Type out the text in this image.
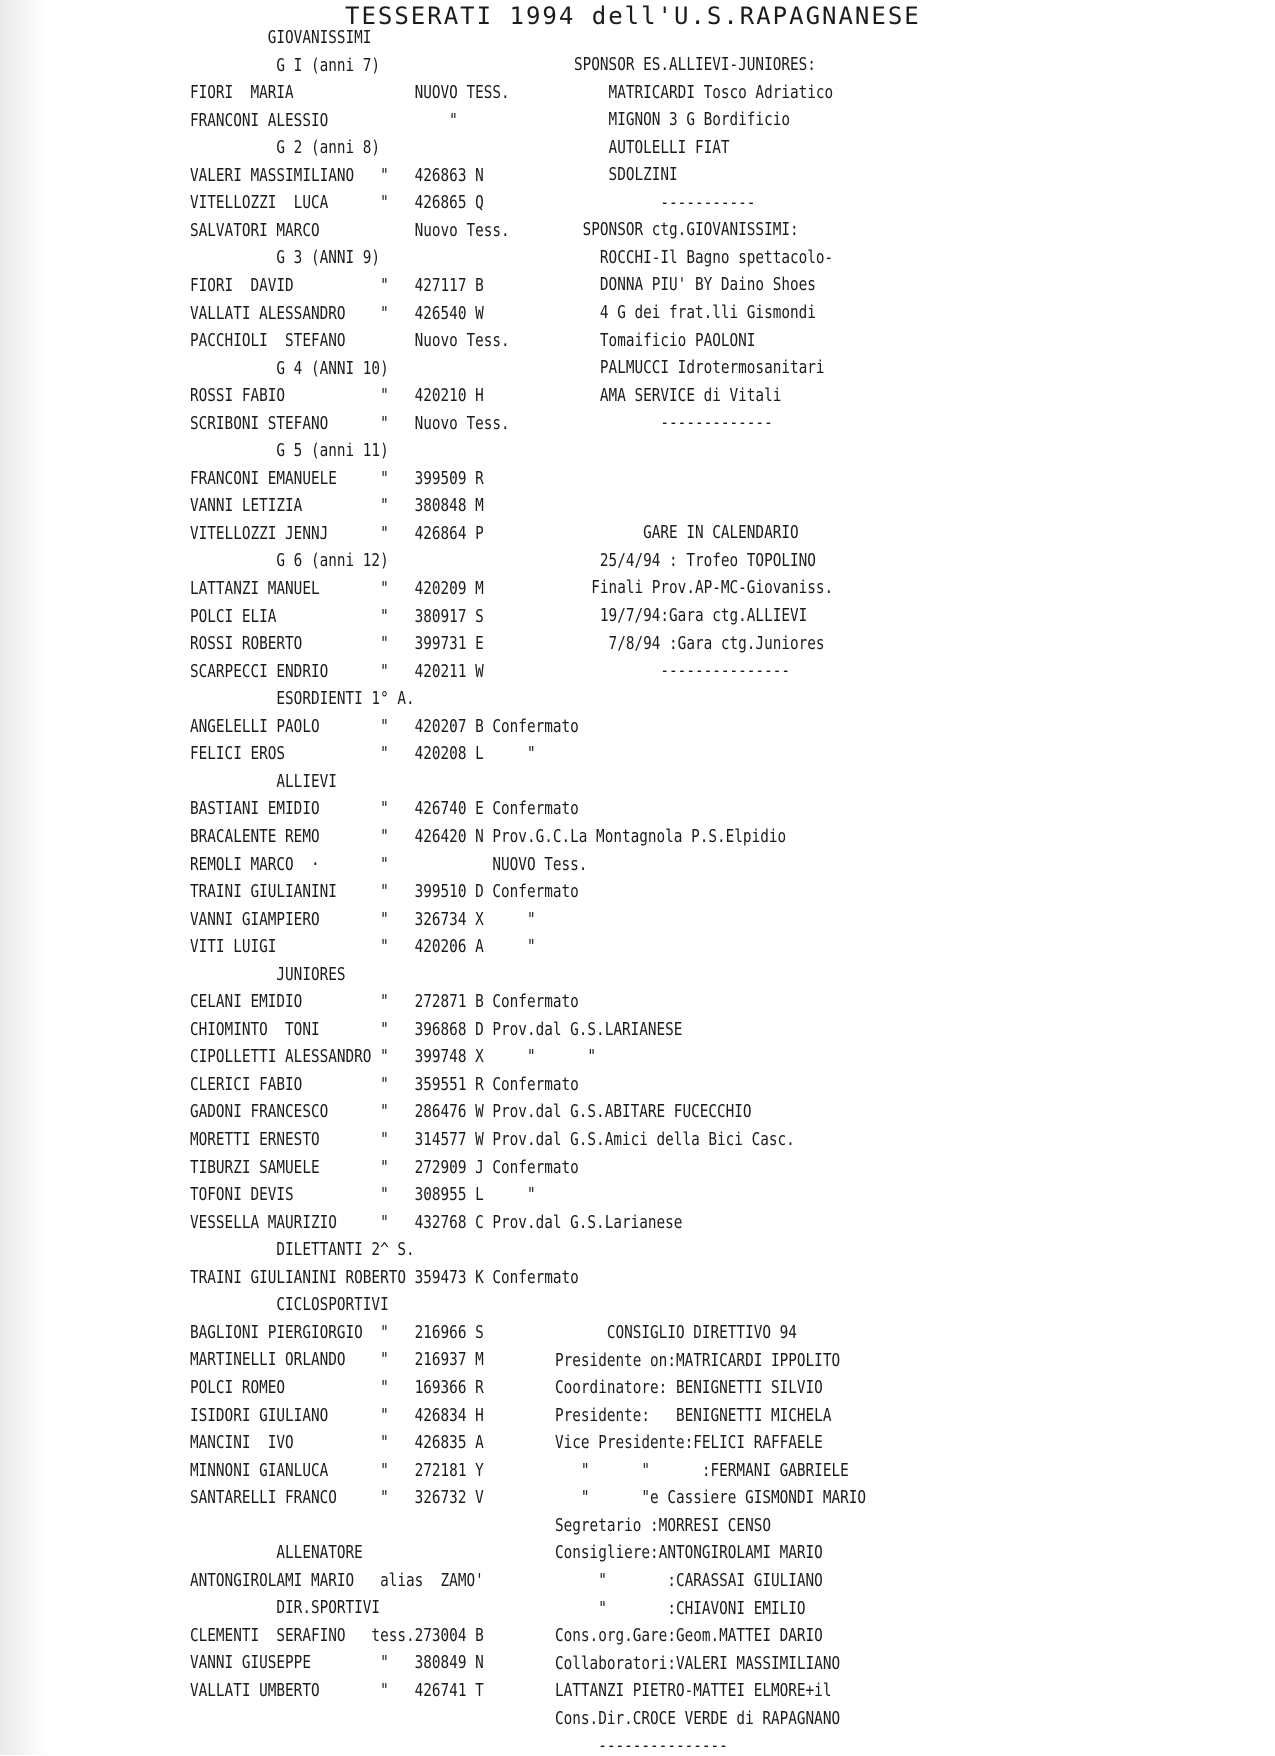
TESSERATI 1994 dell'U.S.RAPAGNANESE
GIOVANISSIMI
G I (anni 7)
FIORI  MARIA              NUOVO TESS.
FRANCONI ALESSIO              "
G 2 (anni 8)
VALERI MASSIMILIANO   "   426863 N
VITELLOZZI  LUCA      "   426865 Q
SALVATORI MARCO           Nuovo Tess.
G 3 (ANNI 9)
FIORI  DAVID          "   427117 B
VALLATI ALESSANDRO    "   426540 W
PACCHIOLI  STEFANO        Nuovo Tess.
G 4 (ANNI 10)
ROSSI FABIO           "   420210 H
SCRIBONI STEFANO      "   Nuovo Tess.
G 5 (anni 11)
FRANCONI EMANUELE     "   399509 R
VANNI LETIZIA         "   380848 M
VITELLOZZI JENNJ      "   426864 P
G 6 (anni 12)
LATTANZI MANUEL       "   420209 M
POLCI ELIA            "   380917 S
ROSSI ROBERTO         "   399731 E
SCARPECCI ENDRIO      "   420211 W
ESORDIENTI 1° A.
ANGELELLI PAOLO       "   420207 B Confermato
FELICI EROS           "   420208 L     "
ALLIEVI
BASTIANI EMIDIO       "   426740 E Confermato
BRACALENTE REMO       "   426420 N Prov.G.C.La Montagnola P.S.Elpidio
REMOLI MARCO  ·       "            NUOVO Tess.
TRAINI GIULIANINI     "   399510 D Confermato
VANNI GIAMPIERO       "   326734 X     "
VITI LUIGI            "   420206 A     "
JUNIORES
CELANI EMIDIO         "   272871 B Confermato
CHIOMINTO  TONI       "   396868 D Prov.dal G.S.LARIANESE
CIPOLLETTI ALESSANDRO "   399748 X     "      "
CLERICI FABIO         "   359551 R Confermato
GADONI FRANCESCO      "   286476 W Prov.dal G.S.ABITARE FUCECCHIO
MORETTI ERNESTO       "   314577 W Prov.dal G.S.Amici della Bici Casc.
TIBURZI SAMUELE       "   272909 J Confermato
TOFONI DEVIS          "   308955 L     "
VESSELLA MAURIZIO     "   432768 C Prov.dal G.S.Larianese
DILETTANTI 2^ S.
TRAINI GIULIANINI ROBERTO 359473 K Confermato
CICLOSPORTIVI
BAGLIONI PIERGIORGIO  "   216966 S
MARTINELLI ORLANDO    "   216937 M
POLCI ROMEO           "   169366 R
ISIDORI GIULIANO      "   426834 H
MANCINI  IVO          "   426835 A
MINNONI GIANLUCA      "   272181 Y
SANTARELLI FRANCO     "   326732 V
ALLENATORE
ANTONGIROLAMI MARIO   alias  ZAMO'
DIR.SPORTIVI
CLEMENTI  SERAFINO   tess.273004 B
VANNI GIUSEPPE        "   380849 N
VALLATI UMBERTO       "   426741 T
SPONSOR ES.ALLIEVI-JUNIORES:
MATRICARDI Tosco Adriatico
MIGNON 3 G Bordificio
AUTOLELLI FIAT
SDOLZINI
-----------
SPONSOR ctg.GIOVANISSIMI:
ROCCHI-Il Bagno spettacolo-
DONNA PIU' BY Daino Shoes
4 G dei frat.lli Gismondi
Tomaificio PAOLONI
PALMUCCI Idrotermosanitari
AMA SERVICE di Vitali
-------------
GARE IN CALENDARIO
25/4/94 : Trofeo TOPOLINO
Finali Prov.AP-MC-Giovaniss.
19/7/94:Gara ctg.ALLIEVI
7/8/94 :Gara ctg.Juniores
---------------
CONSIGLIO DIRETTIVO 94
Presidente on:MATRICARDI IPPOLITO
Coordinatore: BENIGNETTI SILVIO
Presidente:   BENIGNETTI MICHELA
Vice Presidente:FELICI RAFFAELE
"      "      :FERMANI GABRIELE
"      "e Cassiere GISMONDI MARIO
Segretario :MORRESI CENSO
Consigliere:ANTONGIROLAMI MARIO
"       :CARASSAI GIULIANO
"       :CHIAVONI EMILIO
Cons.org.Gare:Geom.MATTEI DARIO
Collaboratori:VALERI MASSIMILIANO
LATTANZI PIETRO-MATTEI ELMORE+il
Cons.Dir.CROCE VERDE di RAPAGNANO
---------------
